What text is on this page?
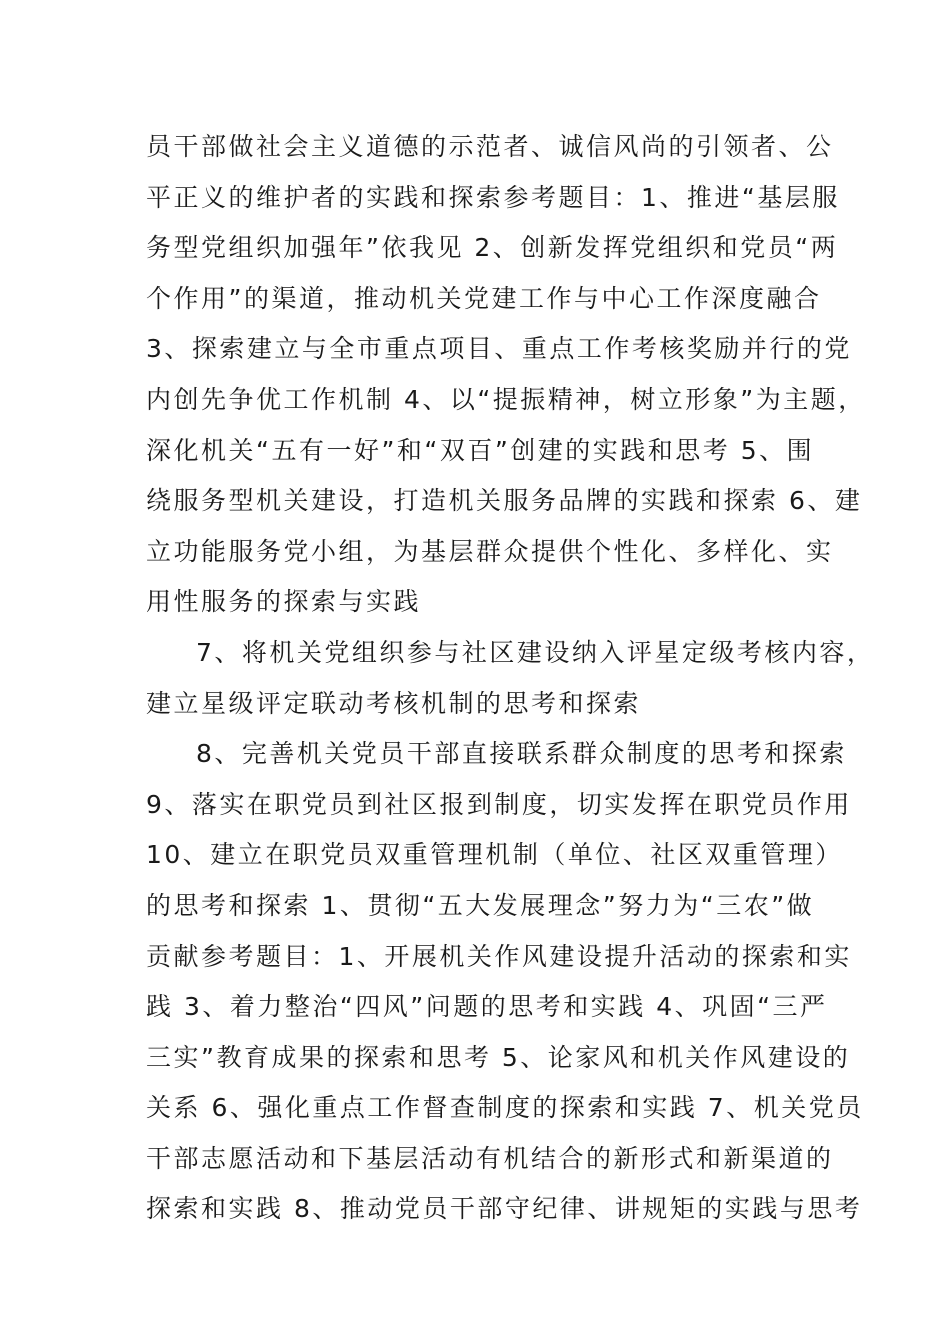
员干部做社会主义道德的示范者、诚信风尚的引领者、公
平正义的维护者的实践和探索参考题目：1、推进“基层服
务型党组织加强年”依我见 2、创新发挥党组织和党员“两
个作用”的渠道，推动机关党建工作与中心工作深度融合
3、探索建立与全市重点项目、重点工作考核奖励并行的党
内创先争优工作机制 4、以“提振精神，树立形象”为主题，
深化机关“五有一好”和“双百”创建的实践和思考 5、围
绕服务型机关建设，打造机关服务品牌的实践和探索 6、建
立功能服务党小组，为基层群众提供个性化、多样化、实
用性服务的探索与实践

7、将机关党组织参与社区建设纳入评星定级考核内容，
建立星级评定联动考核机制的思考和探索

8、完善机关党员干部直接联系群众制度的思考和探索
9、落实在职党员到社区报到制度，切实发挥在职党员作用
10、建立在职党员双重管理机制（单位、社区双重管理）
的思考和探索 1、贯彻“五大发展理念”努力为“三农”做
贡献参考题目：1、开展机关作风建设提升活动的探索和实
践 3、着力整治“四风”问题的思考和实践 4、巩固“三严
三实”教育成果的探索和思考 5、论家风和机关作风建设的
关系 6、强化重点工作督查制度的探索和实践 7、机关党员
干部志愿活动和下基层活动有机结合的新形式和新渠道的
探索和实践 8、推动党员干部守纪律、讲规矩的实践与思考
